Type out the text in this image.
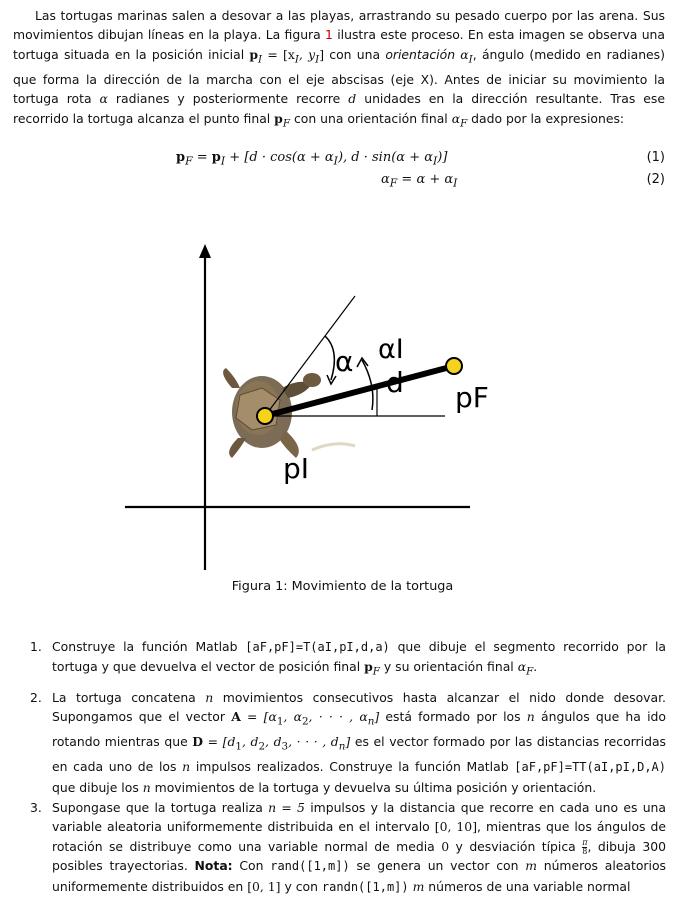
Las tortugas marinas salen a desovar a las playas, arrastrando su pesado cuerpo por las arena. Sus movimientos dibujan líneas en la playa. La figura 1 ilustra este proceso. En esta imagen se observa una tortuga situada en la posición inicial $p_I = [x_I$, $y_I$] con una orientación $\alpha_I$, ángulo (medido en radianes) que forma la dirección de la marcha con el eje abscisas (eje X). Antes de iniciar su movimiento la tortuga rota α radianes y posteriormente recorre d unidades en la dirección resultante. Tras ese recorrido la tortuga alcanza el punto final $p_F$ con una orientación final $\alpha_F$ dado por la expresiones:
$p_F = p_I + [d \cdot \cos(\alpha + \alpha_I)$, $d \cdot \sin(\alpha + \alpha_I)$]	(1)
$\alpha_F = \alpha + \alpha_I$	(2)
α αI
d pF
pI
Figura 1: Movimiento de la tortuga
1. Construye la función Matlab [aF,pF]=T(aI,pI,d,a) que dibuje el segmento recorrido por la tortuga y que devuelva el vector de posición final $p_F$ y su orientación final $\alpha_F$.
2. La tortuga concatena n movimientos consecutivos hasta alcanzar el nido donde desovar. Supongamos que el vector $A = [\alpha_1$, $\alpha_2$, · · · , $\alpha_n$] está formado por los n ángulos que ha ido rotando mientras que $D = [d_1$, $d_2$, $d_3$, · · · , $d_n$] es el vector formado por las distancias recorridas en cada uno de los n impulsos realizados. Construye la función Matlab [aF,pF]=TT(aI,pI,D,A) que dibuje los n movimientos de la tortuga y devuelva su última posición y orientación.
3. Supongase que la tortuga realiza n = 5 impulsos y la distancia que recorre en cada uno es una variable aleatoria uniformemente distribuida en el intervalo [0, 10], mientras que los ángulos de rotación se distribuye como una variable normal de media 0 y desviación típica $\frac{\pi}{8}$ , dibuja 300 posibles trayectorias. Nota: Con rand([1,m]) se genera un vector con m números aleatorios uniformemente distribuidos en [0, 1] y con randn([1,m]) m números de una variable normal
